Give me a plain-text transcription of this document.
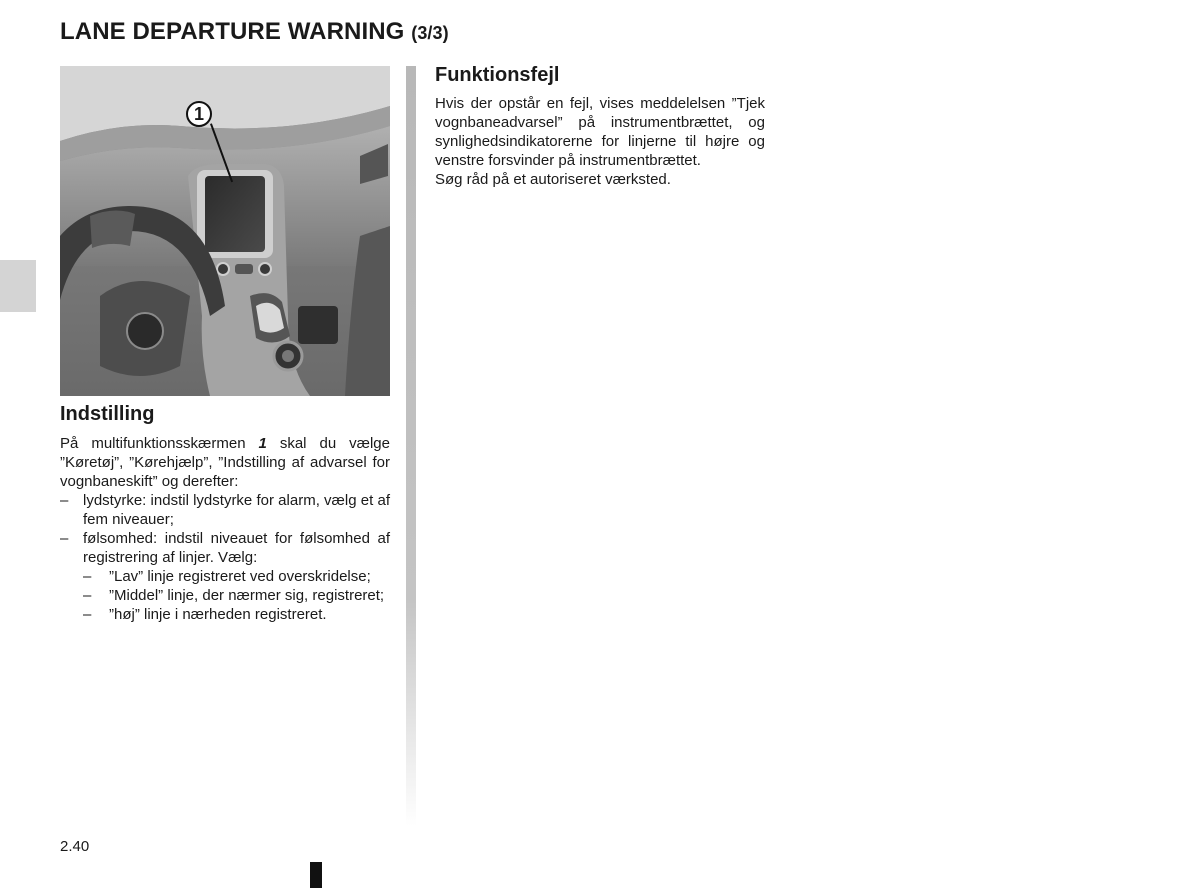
LANE DEPARTURE WARNING (3/3)
1
Indstilling

På multifunktionsskærmen 1 skal du vælge ”Køretøj”, ”Kørehjælp”, ”Indstilling af advarsel for vognbaneskift” og derefter:

– lydstyrke: indstil lydstyrke for alarm, vælg et af fem niveauer;
– følsomhed: indstil niveauet for følsomhed af registrering af linjer. Vælg:
– ”Lav” linje registreret ved overskridelse;
– ”Middel” linje, der nærmer sig, registreret;
– ”høj” linje i nærheden registreret.
Funktionsfejl

Hvis der opstår en fejl, vises meddelelsen ”Tjek vognbaneadvarsel” på instrumentbrættet, og synlighedsindikatorerne for linjerne til højre og venstre forsvinder på instrumentbrættet.

Søg råd på et autoriseret værksted.

2.40
